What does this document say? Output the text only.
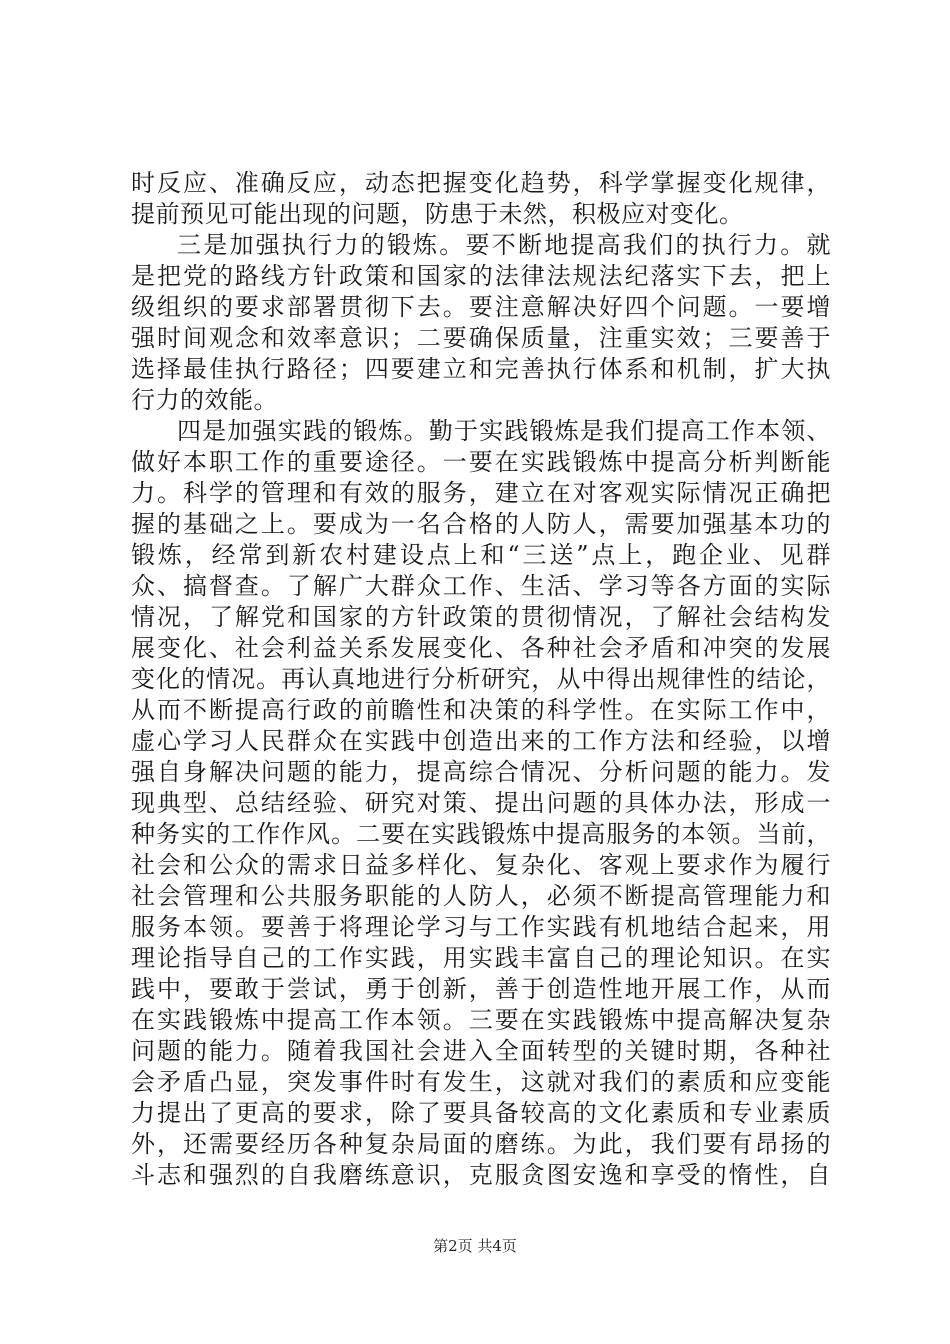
时反应、准确反应，动态把握变化趋势，科学掌握变化规律，
提前预见可能出现的问题，防患于未然，积极应对变化。
三是加强执行力的锻炼。要不断地提高我们的执行力。就
是把党的路线方针政策和国家的法律法规法纪落实下去，把上
级组织的要求部署贯彻下去。要注意解决好四个问题。一要增
强时间观念和效率意识；二要确保质量，注重实效；三要善于
选择最佳执行路径；四要建立和完善执行体系和机制，扩大执
行力的效能。
四是加强实践的锻炼。勤于实践锻炼是我们提高工作本领、
做好本职工作的重要途径。一要在实践锻炼中提高分析判断能
力。科学的管理和有效的服务，建立在对客观实际情况正确把
握的基础之上。要成为一名合格的人防人，需要加强基本功的
锻炼，经常到新农村建设点上和“三送”点上，跑企业、见群
众、搞督查。了解广大群众工作、生活、学习等各方面的实际
情况，了解党和国家的方针政策的贯彻情况，了解社会结构发
展变化、社会利益关系发展变化、各种社会矛盾和冲突的发展
变化的情况。再认真地进行分析研究，从中得出规律性的结论，
从而不断提高行政的前瞻性和决策的科学性。在实际工作中，
虚心学习人民群众在实践中创造出来的工作方法和经验，以增
强自身解决问题的能力，提高综合情况、分析问题的能力。发
现典型、总结经验、研究对策、提出问题的具体办法，形成一
种务实的工作作风。二要在实践锻炼中提高服务的本领。当前，
社会和公众的需求日益多样化、复杂化、客观上要求作为履行
社会管理和公共服务职能的人防人，必须不断提高管理能力和
服务本领。要善于将理论学习与工作实践有机地结合起来，用
理论指导自己的工作实践，用实践丰富自己的理论知识。在实
践中，要敢于尝试，勇于创新，善于创造性地开展工作，从而
在实践锻炼中提高工作本领。三要在实践锻炼中提高解决复杂
问题的能力。随着我国社会进入全面转型的关键时期，各种社
会矛盾凸显，突发事件时有发生，这就对我们的素质和应变能
力提出了更高的要求，除了要具备较高的文化素质和专业素质
外，还需要经历各种复杂局面的磨练。为此，我们要有昂扬的
斗志和强烈的自我磨练意识，克服贪图安逸和享受的惰性，自
第2页 共4页
